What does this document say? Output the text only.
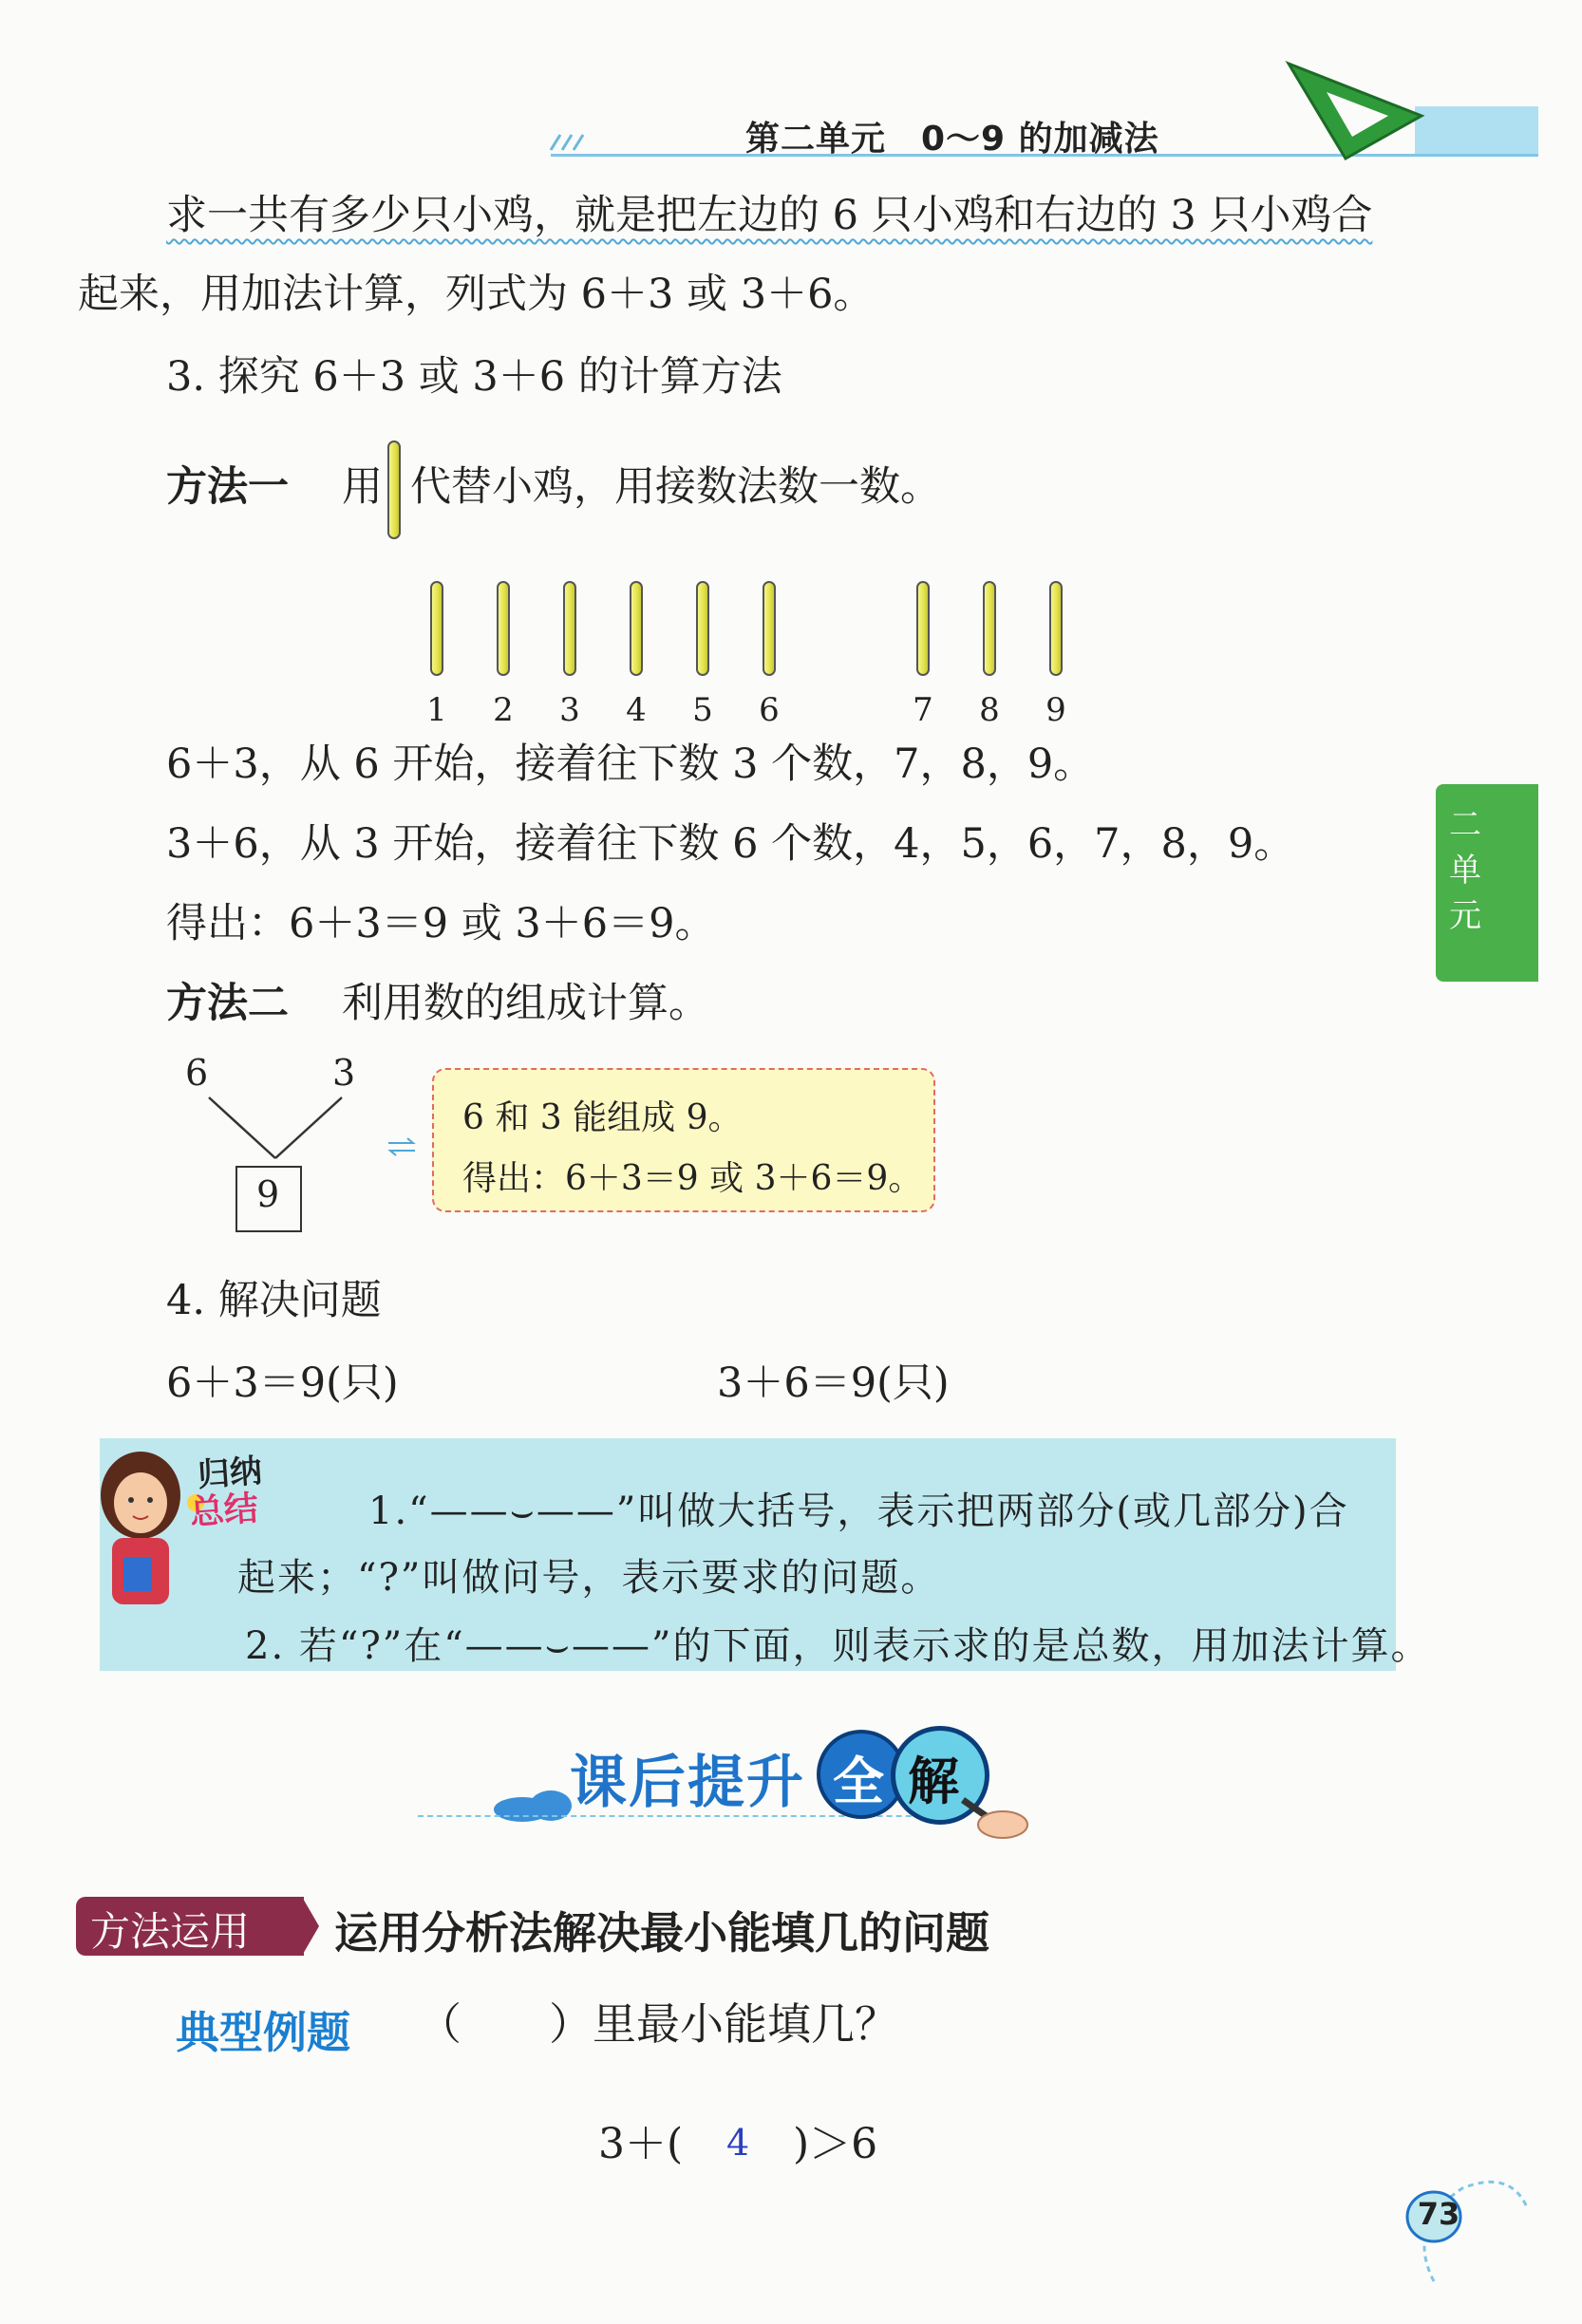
第二单元　0～9 的加减法
二
单
元
求一共有多少只小鸡，就是把左边的 6 只小鸡和右边的 3 只小鸡合
起来，用加法计算，列式为 6＋3 或 3＋6。
3. 探究 6＋3 或 3＋6 的计算方法
方法一 用 代替小鸡，用接数法数一数。
1 2 3 4 5 6	7 8 9
6＋3，从 6 开始，接着往下数 3 个数，7，8，9。
3＋6，从 3 开始，接着往下数 6 个数，4，5，6，7，8，9。
得出：6＋3＝9 或 3＋6＝9。
方法二 利用数的组成计算。
6	3
9
6 和 3 能组成 9。
得出：6＋3＝9 或 3＋6＝9。
4. 解决问题
6＋3＝9(只)	3＋6＝9(只)
归纳
总结	1.“——⌣——”叫做大括号，表示把两部分(或几部分)合
起来；“?”叫做问号，表示要求的问题。
2. 若“?”在“——⌣——”的下面，则表示求的是总数，用加法计算。
课后提升 全 解
方法运用 运用分析法解决最小能填几的问题
典型例题 （　　）里最小能填几？
3＋( 4 )＞6
73
